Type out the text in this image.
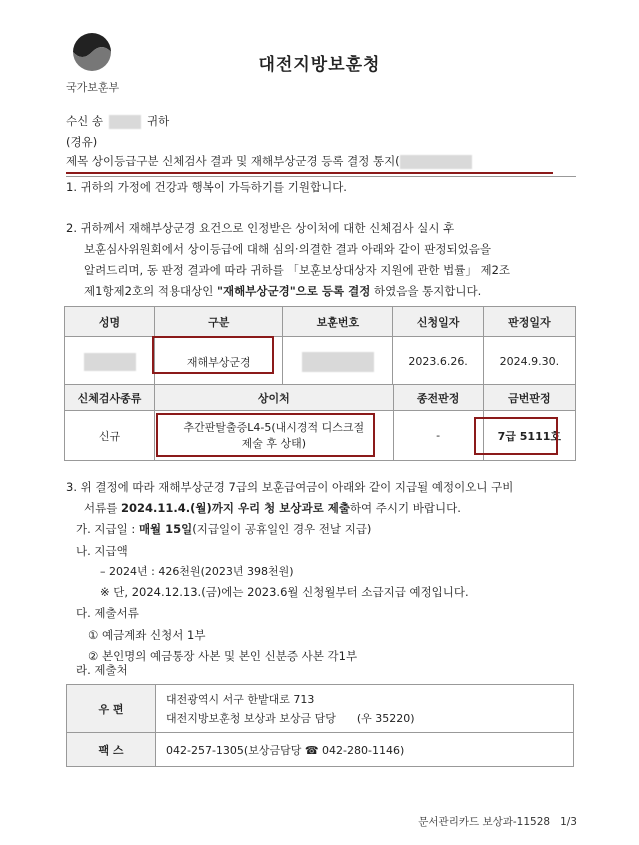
국가보훈부
대전지방보훈청
수신 송	귀하
(경유)
제목 상이등급구분 신체검사 결과 및 재해부상군경 등록 결정 통지(
1. 귀하의 가정에 건강과 행복이 가득하기를 기원합니다.
2. 귀하께서 재해부상군경 요건으로 인정받은 상이처에 대한 신체검사 실시 후
보훈심사위원회에서 상이등급에 대해 심의·의결한 결과 아래와 같이 판정되었음을
알려드리며, 동 판정 결과에 따라 귀하를 「보훈보상대상자 지원에 관한 법률」 제2조
제1항제2호의 적용대상인 "재해부상군경"으로 등록 결정 하였음을 통지합니다.
성명	구분	보훈번호	신청일자	판정일자
	재해부상군경		2023.6.26.	2024.9.30.
신체검사종류	상이처	종전판정	금번판정
신규	추간판탈출증L4-5(내시경적 디스크절
제술 후 상태)	-	7급 5111호
3. 위 결정에 따라 재해부상군경 7급의 보훈급여금이 아래와 같이 지급될 예정이오니 구비
서류를 2024.11.4.(월)까지 우리 청 보상과로 제출하여 주시기 바랍니다.
가. 지급일 : 매월 15일(지급일이 공휴일인 경우 전날 지급)
나. 지급액
– 2024년 : 426천원(2023년 398천원)
※ 단, 2024.12.13.(금)에는 2023.6월 신청월부터 소급지급 예정입니다.
다. 제출서류
① 예금계좌 신청서 1부
② 본인명의 예금통장 사본 및 본인 신분증 사본 각1부
라. 제출처
우 편	대전광역시 서구 한밭대로 713
대전지방보훈청 보상과 보상금 담당      (우 35220)

팩 스	042-257-1305(보상금담당 ☎ 042-280-1146)
문서관리카드 보상과-11528   1/3
